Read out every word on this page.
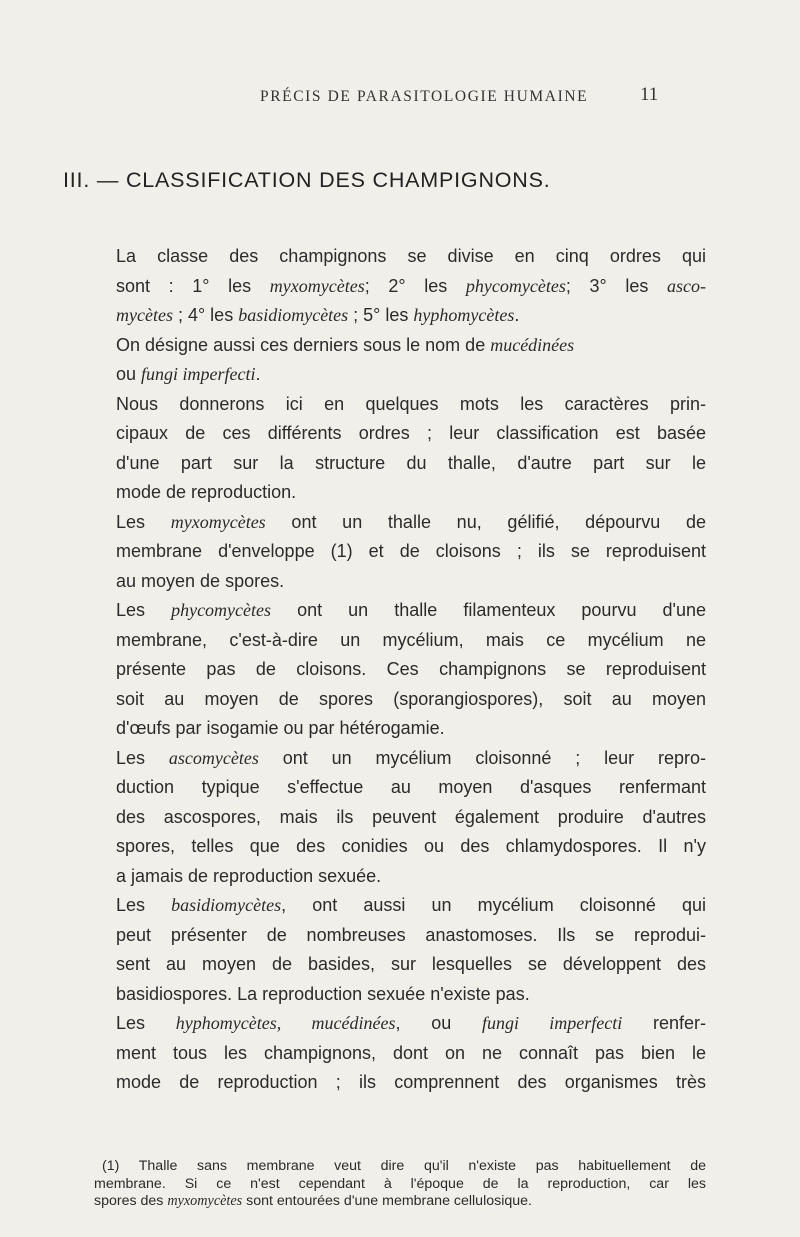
PRÉCIS DE PARASITOLOGIE HUMAINE	11
III. — CLASSIFICATION DES CHAMPIGNONS.

La classe des champignons se divise en cinq ordres qui
sont : 1° les myxomycètes; 2° les phycomycètes; 3° les asco-
mycètes ; 4° les basidiomycètes ; 5° les hyphomycètes.
On désigne aussi ces derniers sous le nom de mucédinées
ou fungi imperfecti.

Nous donnerons ici en quelques mots les caractères prin-
cipaux de ces différents ordres ; leur classification est basée
d'une part sur la structure du thalle, d'autre part sur le
mode de reproduction.

Les myxomycètes ont un thalle nu, gélifié, dépourvu de
membrane d'enveloppe (1) et de cloisons ; ils se reproduisent
au moyen de spores.

Les phycomycètes ont un thalle filamenteux pourvu d'une
membrane, c'est-à-dire un mycélium, mais ce mycélium ne
présente pas de cloisons. Ces champignons se reproduisent
soit au moyen de spores (sporangiospores), soit au moyen
d'œufs par isogamie ou par hétérogamie.

Les ascomycètes ont un mycélium cloisonné ; leur repro-
duction typique s'effectue au moyen d'asques renfermant
des ascospores, mais ils peuvent également produire d'autres
spores, telles que des conidies ou des chlamydospores. Il n'y
a jamais de reproduction sexuée.

Les basidiomycètes, ont aussi un mycélium cloisonné qui
peut présenter de nombreuses anastomoses. Ils se reprodui-
sent au moyen de basides, sur lesquelles se développent des
basidiospores. La reproduction sexuée n'existe pas.

Les hyphomycètes, mucédinées, ou fungi imperfecti renfer-
ment tous les champignons, dont on ne connaît pas bien le
mode de reproduction ; ils comprennent des organismes très

(1) Thalle sans membrane veut dire qu'il n'existe pas habituellement de
membrane. Si ce n'est cependant à l'époque de la reproduction, car les
spores des myxomycètes sont entourées d'une membrane cellulosique.
